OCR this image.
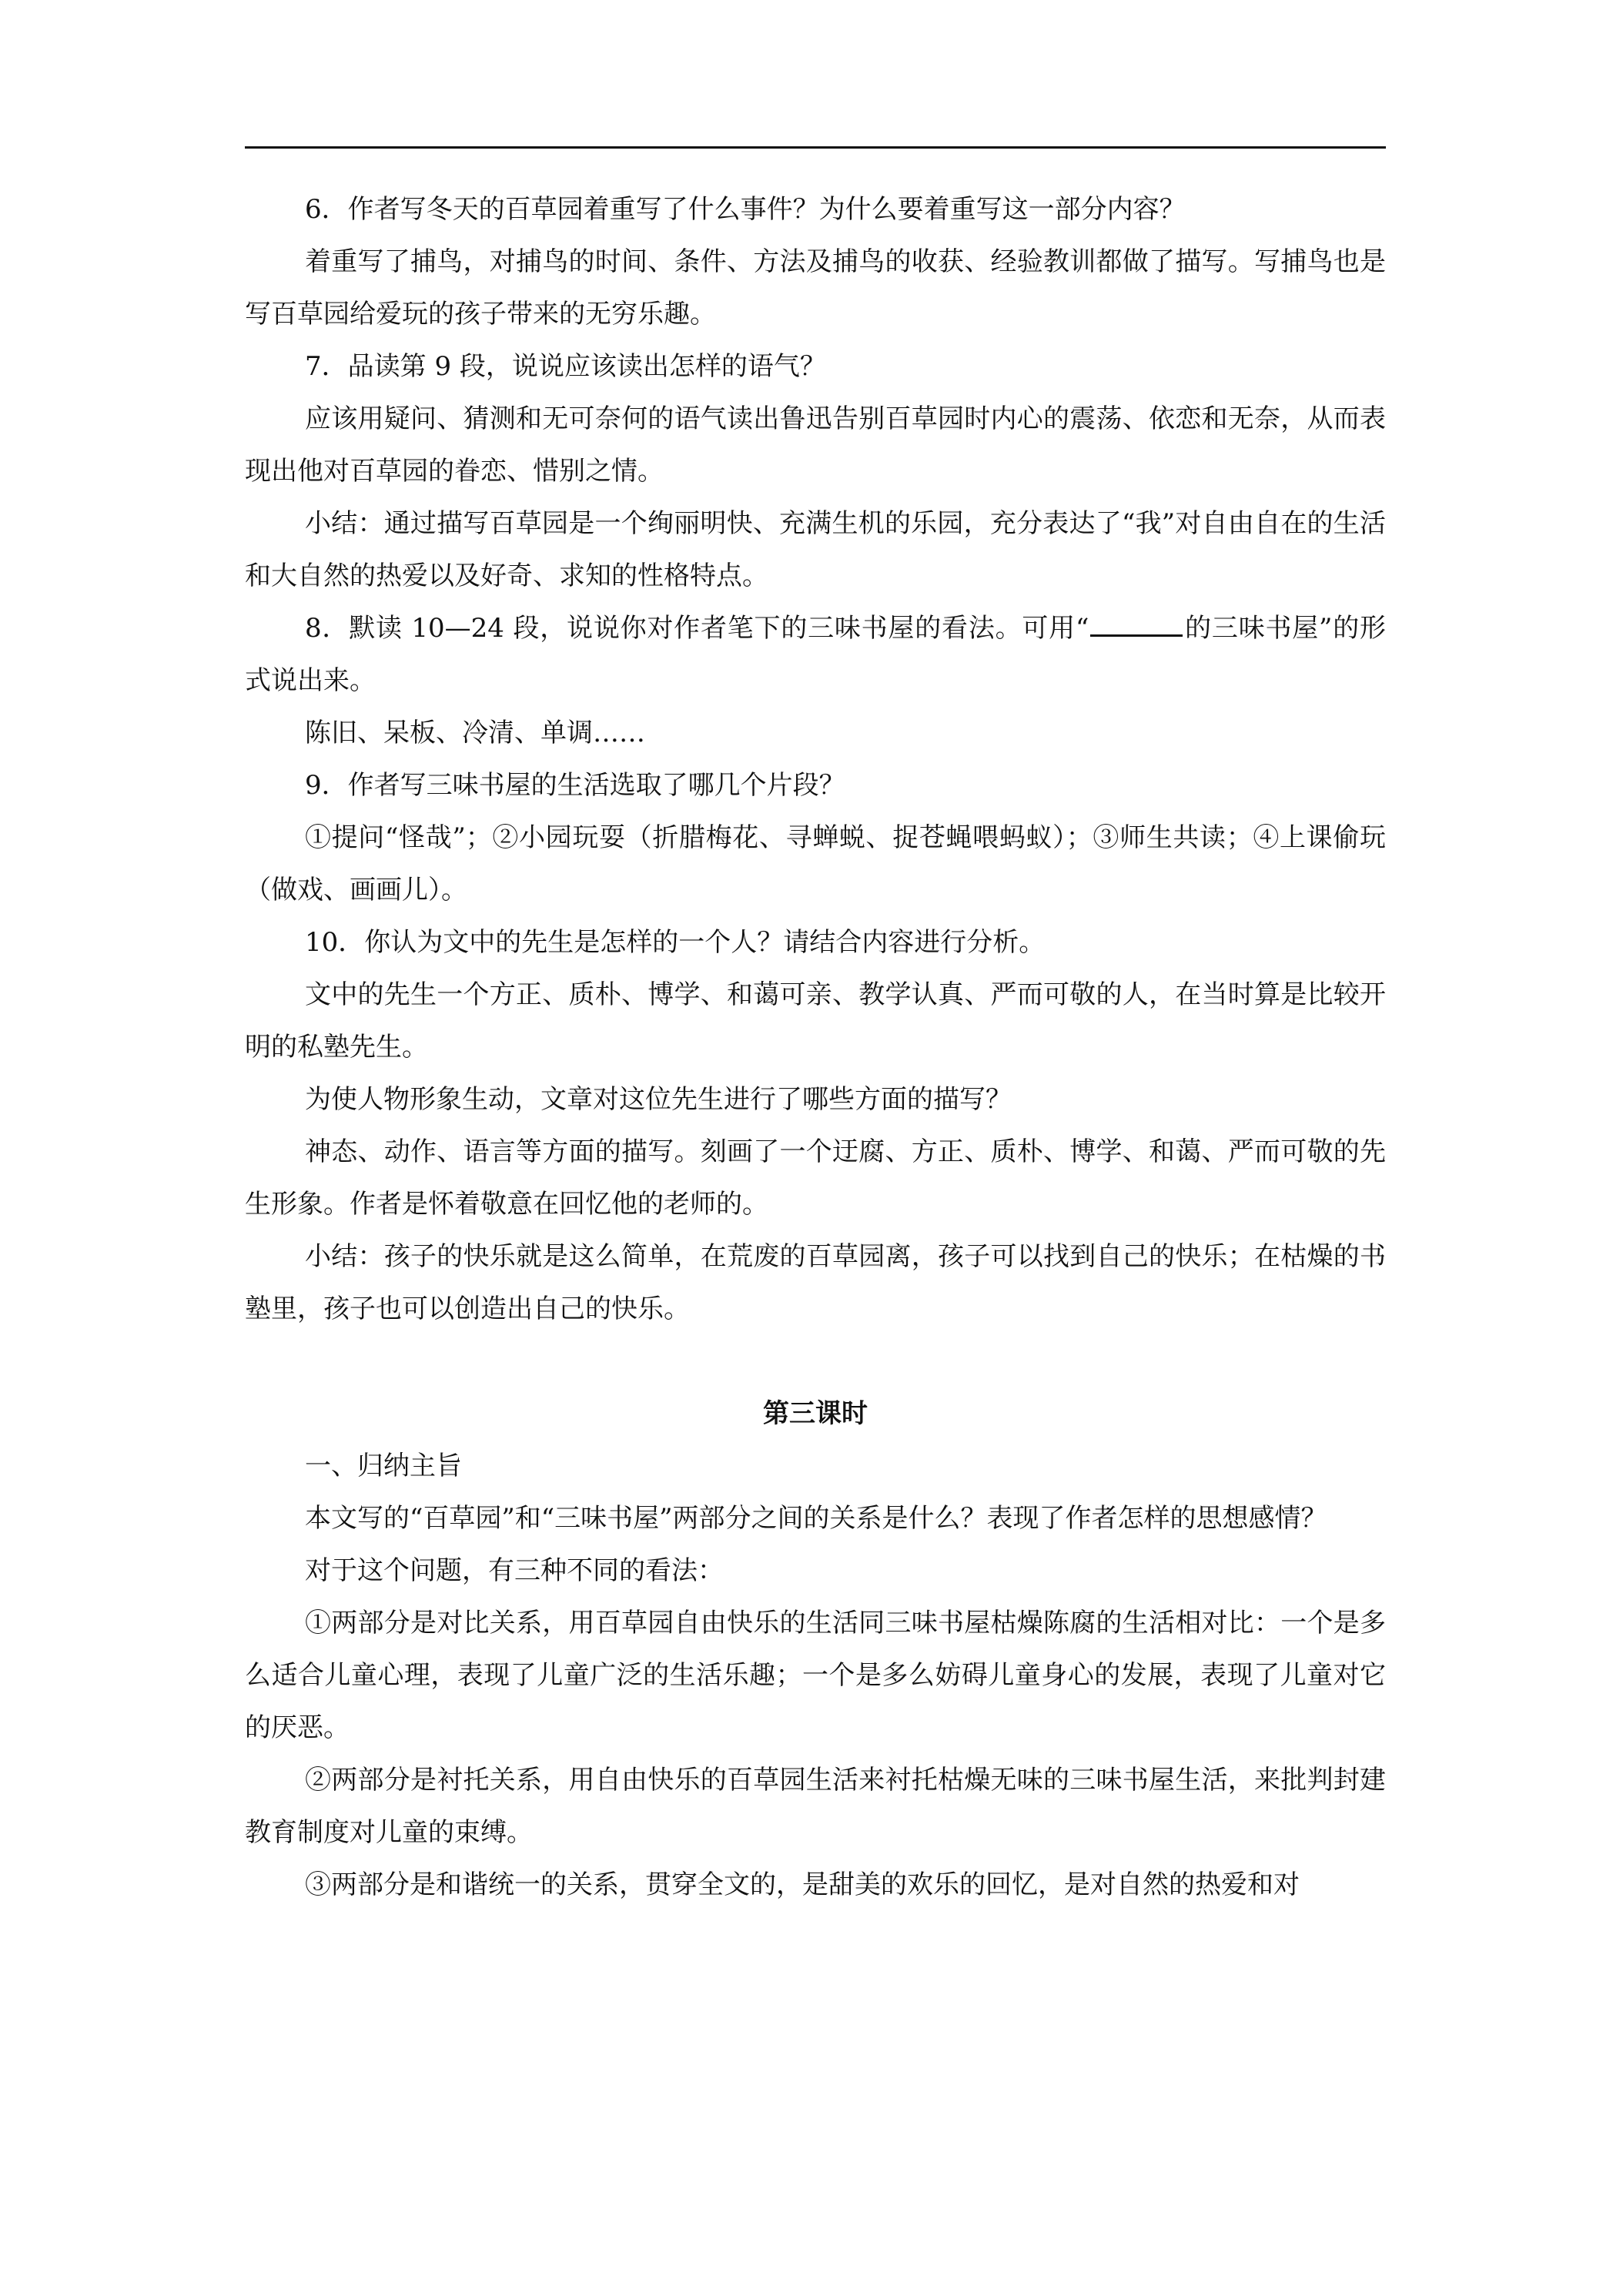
6．作者写冬天的百草园着重写了什么事件？为什么要着重写这一部分内容？

着重写了捕鸟，对捕鸟的时间、条件、方法及捕鸟的收获、经验教训都做了描写。写捕鸟也是写百草园给爱玩的孩子带来的无穷乐趣。

7．品读第 9 段，说说应该读出怎样的语气？

应该用疑问、猜测和无可奈何的语气读出鲁迅告别百草园时内心的震荡、依恋和无奈，从而表现出他对百草园的眷恋、惜别之情。

小结：通过描写百草园是一个绚丽明快、充满生机的乐园，充分表达了“我”对自由自在的生活和大自然的热爱以及好奇、求知的性格特点。

8．默读 10—24 段，说说你对作者笔下的三味书屋的看法。可用“	的三味书屋”的形式说出来。

陈旧、呆板、冷清、单调……

9．作者写三味书屋的生活选取了哪几个片段？

①提问“怪哉”；②小园玩耍（折腊梅花、寻蝉蜕、捉苍蝇喂蚂蚁）；③师生共读；④上课偷玩（做戏、画画儿）。

10．你认为文中的先生是怎样的一个人？请结合内容进行分析。

文中的先生一个方正、质朴、博学、和蔼可亲、教学认真、严而可敬的人，在当时算是比较开明的私塾先生。

为使人物形象生动，文章对这位先生进行了哪些方面的描写？

神态、动作、语言等方面的描写。刻画了一个迂腐、方正、质朴、博学、和蔼、严而可敬的先生形象。作者是怀着敬意在回忆他的老师的。

小结：孩子的快乐就是这么简单，在荒废的百草园离，孩子可以找到自己的快乐；在枯燥的书塾里，孩子也可以创造出自己的快乐。

第三课时

一、归纳主旨

本文写的“百草园”和“三味书屋”两部分之间的关系是什么？表现了作者怎样的思想感情？

对于这个问题，有三种不同的看法：

①两部分是对比关系，用百草园自由快乐的生活同三味书屋枯燥陈腐的生活相对比：一个是多么适合儿童心理，表现了儿童广泛的生活乐趣；一个是多么妨碍儿童身心的发展，表现了儿童对它的厌恶。

②两部分是衬托关系，用自由快乐的百草园生活来衬托枯燥无味的三味书屋生活，来批判封建教育制度对儿童的束缚。

③两部分是和谐统一的关系，贯穿全文的，是甜美的欢乐的回忆，是对自然的热爱和对
